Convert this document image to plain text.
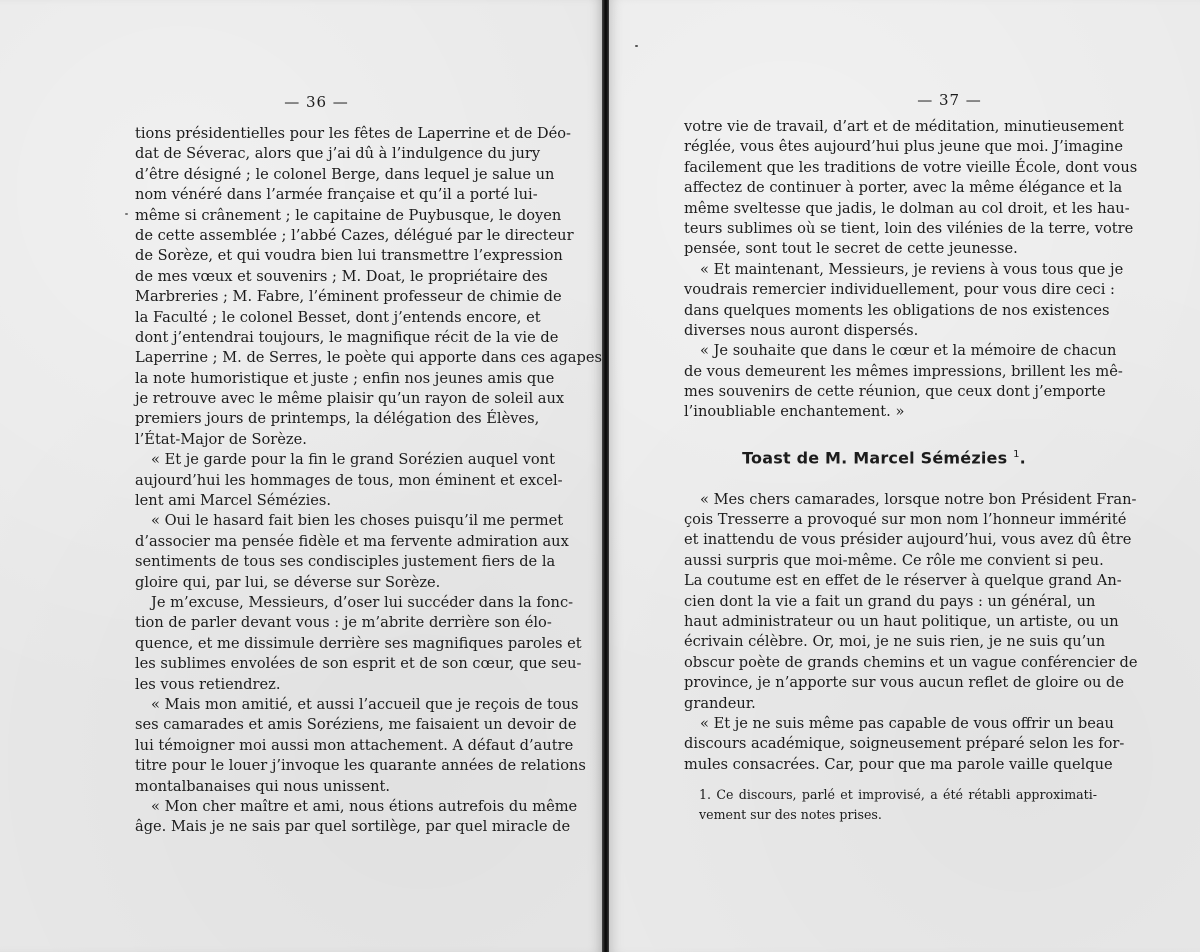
— 36 —
tions présidentielles pour les fêtes de Laperrine et de Déo-
dat de Séverac, alors que j’ai dû à l’indulgence du jury
d’être désigné ; le colonel Berge, dans lequel je salue un
nom vénéré dans l’armée française et qu’il a porté lui-
même si crânement ; le capitaine de Puybusque, le doyen
de cette assemblée ; l’abbé Cazes, délégué par le directeur
de Sorèze, et qui voudra bien lui transmettre l’expression
de mes vœux et souvenirs ; M. Doat, le propriétaire des
Marbreries ; M. Fabre, l’éminent professeur de chimie de
la Faculté ; le colonel Besset, dont j’entends encore, et
dont j’entendrai toujours, le magnifique récit de la vie de
Laperrine ; M. de Serres, le poète qui apporte dans ces agapes
la note humoristique et juste ; enfin nos jeunes amis que
je retrouve avec le même plaisir qu’un rayon de soleil aux
premiers jours de printemps, la délégation des Élèves,
l’État-Major de Sorèze.
« Et je garde pour la fin le grand Sorézien auquel vont
aujourd’hui les hommages de tous, mon éminent et excel-
lent ami Marcel Sémézies.
« Oui le hasard fait bien les choses puisqu’il me permet
d’associer ma pensée fidèle et ma fervente admiration aux
sentiments de tous ses condisciples justement fiers de la
gloire qui, par lui, se déverse sur Sorèze.
Je m’excuse, Messieurs, d’oser lui succéder dans la fonc-
tion de parler devant vous : je m’abrite derrière son élo-
quence, et me dissimule derrière ses magnifiques paroles et
les sublimes envolées de son esprit et de son cœur, que seu-
les vous retiendrez.
« Mais mon amitié, et aussi l’accueil que je reçois de tous
ses camarades et amis Soréziens, me faisaient un devoir de
lui témoigner moi aussi mon attachement. A défaut d’autre
titre pour le louer j’invoque les quarante années de relations
montalbanaises qui nous unissent.
« Mon cher maître et ami, nous étions autrefois du même
âge. Mais je ne sais par quel sortilège, par quel miracle de
— 37 —
votre vie de travail, d’art et de méditation, minutieusement
réglée, vous êtes aujourd’hui plus jeune que moi. J’imagine
facilement que les traditions de votre vieille École, dont vous
affectez de continuer à porter, avec la même élégance et la
même sveltesse que jadis, le dolman au col droit, et les hau-
teurs sublimes où se tient, loin des vilénies de la terre, votre
pensée, sont tout le secret de cette jeunesse.
« Et maintenant, Messieurs, je reviens à vous tous que je
voudrais remercier individuellement, pour vous dire ceci :
dans quelques moments les obligations de nos existences
diverses nous auront dispersés.
« Je souhaite que dans le cœur et la mémoire de chacun
de vous demeurent les mêmes impressions, brillent les mê-
mes souvenirs de cette réunion, que ceux dont j’emporte
l’inoubliable enchantement. »
Toast de M. Marcel Sémézies $^1$.
« Mes chers camarades, lorsque notre bon Président Fran-
çois Tresserre a provoqué sur mon nom l’honneur immérité
et inattendu de vous présider aujourd’hui, vous avez dû être
aussi surpris que moi-même. Ce rôle me convient si peu.
La coutume est en effet de le réserver à quelque grand An-
cien dont la vie a fait un grand du pays : un général, un
haut administrateur ou un haut politique, un artiste, ou un
écrivain célèbre. Or, moi, je ne suis rien, je ne suis qu’un
obscur poète de grands chemins et un vague conférencier de
province, je n’apporte sur vous aucun reflet de gloire ou de
grandeur.
« Et je ne suis même pas capable de vous offrir un beau
discours académique, soigneusement préparé selon les for-
mules consacrées. Car, pour que ma parole vaille quelque
1. Ce discours, parlé et improvisé, a été rétabli approximati-
vement sur des notes prises.
